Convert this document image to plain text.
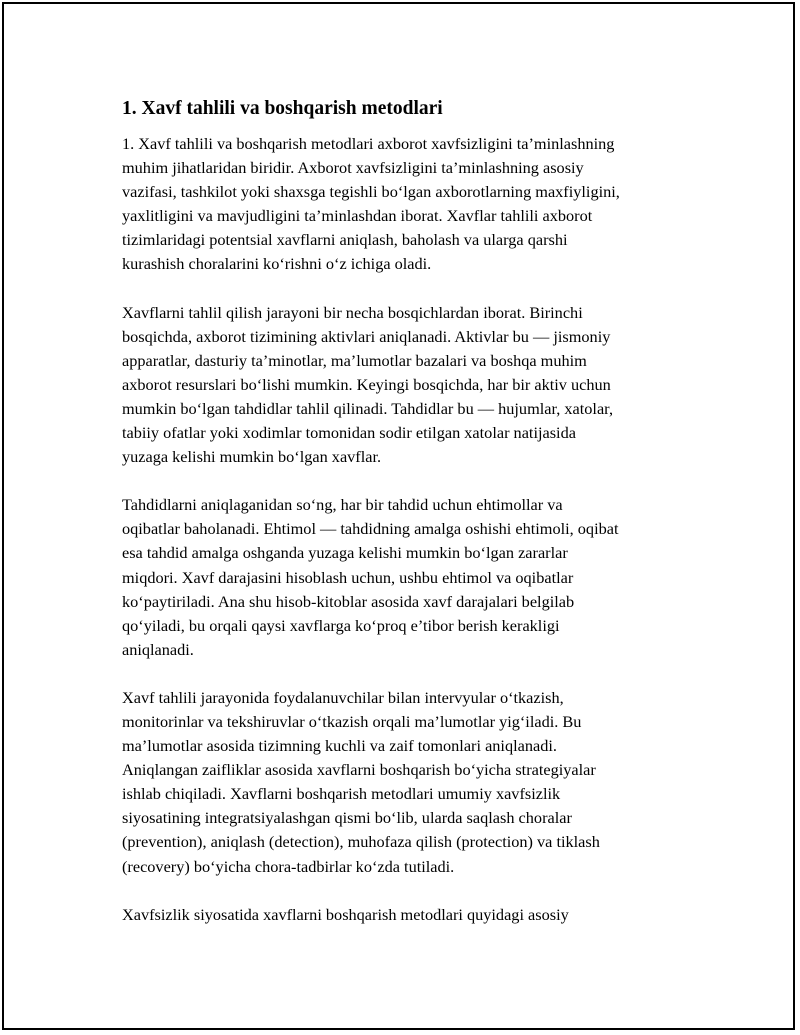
1. Xavf tahlili va boshqarish metodlari

1. Xavf tahlili va boshqarish metodlari axborot xavfsizligini ta’minlashning
muhim jihatlaridan biridir. Axborot xavfsizligini ta’minlashning asosiy
vazifasi, tashkilot yoki shaxsga tegishli bo‘lgan axborotlarning maxfiyligini,
yaxlitligini va mavjudligini ta’minlashdan iborat. Xavflar tahlili axborot
tizimlaridagi potentsial xavflarni aniqlash, baholash va ularga qarshi
kurashish choralarini ko‘rishni o‘z ichiga oladi.

Xavflarni tahlil qilish jarayoni bir necha bosqichlardan iborat. Birinchi
bosqichda, axborot tizimining aktivlari aniqlanadi. Aktivlar bu — jismoniy
apparatlar, dasturiy ta’minotlar, ma’lumotlar bazalari va boshqa muhim
axborot resurslari bo‘lishi mumkin. Keyingi bosqichda, har bir aktiv uchun
mumkin bo‘lgan tahdidlar tahlil qilinadi. Tahdidlar bu — hujumlar, xatolar,
tabiiy ofatlar yoki xodimlar tomonidan sodir etilgan xatolar natijasida
yuzaga kelishi mumkin bo‘lgan xavflar.

Tahdidlarni aniqlaganidan so‘ng, har bir tahdid uchun ehtimollar va
oqibatlar baholanadi. Ehtimol — tahdidning amalga oshishi ehtimoli, oqibat
esa tahdid amalga oshganda yuzaga kelishi mumkin bo‘lgan zararlar
miqdori. Xavf darajasini hisoblash uchun, ushbu ehtimol va oqibatlar
ko‘paytiriladi. Ana shu hisob-kitoblar asosida xavf darajalari belgilab
qo‘yiladi, bu orqali qaysi xavflarga ko‘proq e’tibor berish kerakligi
aniqlanadi.

Xavf tahlili jarayonida foydalanuvchilar bilan intervyular o‘tkazish,
monitorinlar va tekshiruvlar o‘tkazish orqali ma’lumotlar yig‘iladi. Bu
ma’lumotlar asosida tizimning kuchli va zaif tomonlari aniqlanadi.
Aniqlangan zaifliklar asosida xavflarni boshqarish bo‘yicha strategiyalar
ishlab chiqiladi. Xavflarni boshqarish metodlari umumiy xavfsizlik
siyosatining integratsiyalashgan qismi bo‘lib, ularda saqlash choralar
(prevention), aniqlash (detection), muhofaza qilish (protection) va tiklash
(recovery) bo‘yicha chora-tadbirlar ko‘zda tutiladi.

Xavfsizlik siyosatida xavflarni boshqarish metodlari quyidagi asosiy
